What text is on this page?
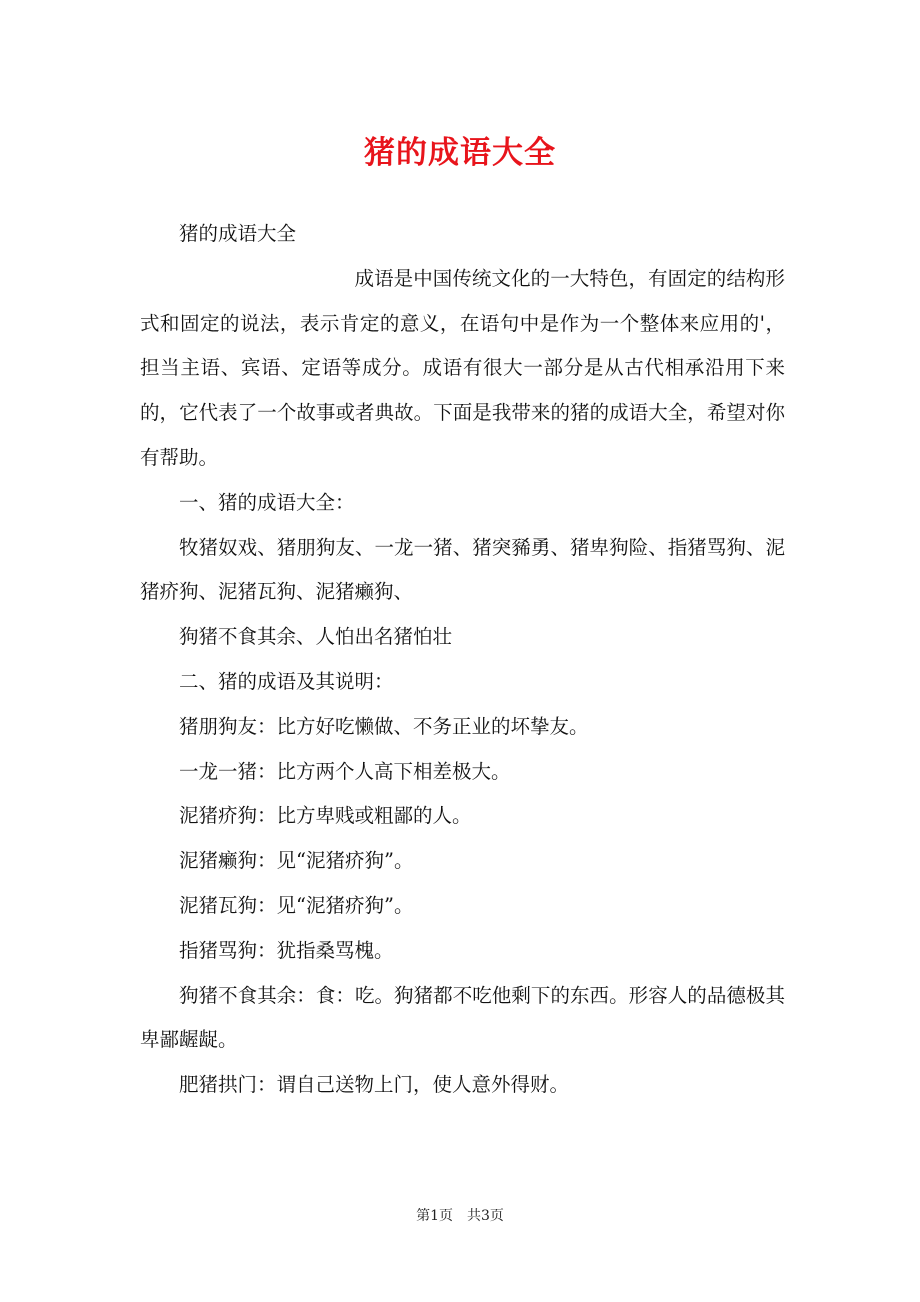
猪的成语大全

猪的成语大全

成语是中国传统文化的一大特色，有固定的结构形式和固定的说法，表示肯定的意义，在语句中是作为一个整体来应用的'，担当主语、宾语、定语等成分。成语有很大一部分是从古代相承沿用下来的，它代表了一个故事或者典故。下面是我带来的猪的成语大全，希望对你有帮助。

一、猪的成语大全：

牧猪奴戏、猪朋狗友、一龙一猪、猪突豨勇、猪卑狗险、指猪骂狗、泥猪疥狗、泥猪瓦狗、泥猪癞狗、

狗猪不食其余、人怕出名猪怕壮

二、猪的成语及其说明：

猪朋狗友：比方好吃懒做、不务正业的坏挚友。

一龙一猪：比方两个人高下相差极大。

泥猪疥狗：比方卑贱或粗鄙的人。

泥猪癞狗：见“泥猪疥狗”。

泥猪瓦狗：见“泥猪疥狗”。

指猪骂狗：犹指桑骂槐。

狗猪不食其余：食：吃。狗猪都不吃他剩下的东西。形容人的品德极其卑鄙龌龊。

肥猪拱门：谓自己送物上门，使人意外得财。

第1页 共3页
